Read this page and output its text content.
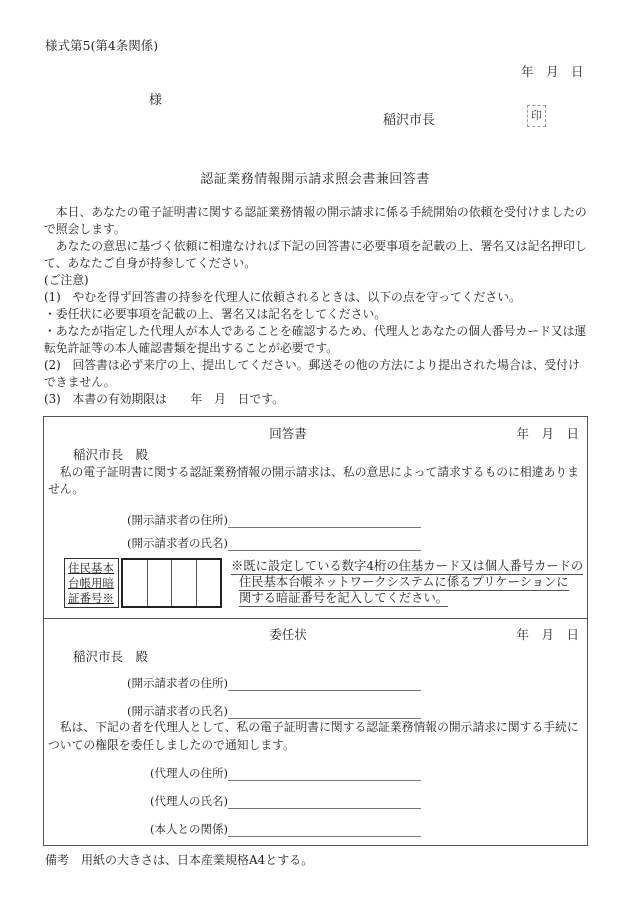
様式第5(第4条関係)
年　月　日
様
稲沢市長	印
認証業務情報開示請求照会書兼回答書

　本日、あなたの電子証明書に関する認証業務情報の開示請求に係る手続開始の依頼を受付けましたので照会します。

　あなたの意思に基づく依頼に相違なければ下記の回答書に必要事項を記載の上、署名又は記名押印して、あなたご自身が持参してください。

(ご注意)

(1)　やむを得ず回答書の持参を代理人に依頼されるときは、以下の点を守ってください。

・委任状に必要事項を記載の上、署名又は記名をしてください。

・あなたが指定した代理人が本人であることを確認するため、代理人とあなたの個人番号カード又は運転免許証等の本人確認書類を提出することが必要です。

(2)　回答書は必ず来庁の上、提出してください。郵送その他の方法により提出された場合は、受付けできません。

(3)　本書の有効期限は　　年　月　日です。

回答書	年　月　日
稲沢市長　殿

　私の電子証明書に関する認証業務情報の開示請求は、私の意思によって請求するものに相違ありません。

(開示請求者の住所)
(開示請求者の氏名)
住民基本
台帳用暗
証番号※
※既に設定している数字4桁の住基カード又は個人番号カードの
住民基本台帳ネットワークシステムに係るプリケーションに
関する暗証番号を記入してください。
委任状	年　月　日
稲沢市長　殿
(開示請求者の住所)
(開示請求者の氏名)

　私は、下記の者を代理人として、私の電子証明書に関する認証業務情報の開示請求に関する手続についての権限を委任しましたので通知します。

(代理人の住所)
(代理人の氏名)
(本人との関係)
備考　用紙の大きさは、日本産業規格A4とする。
